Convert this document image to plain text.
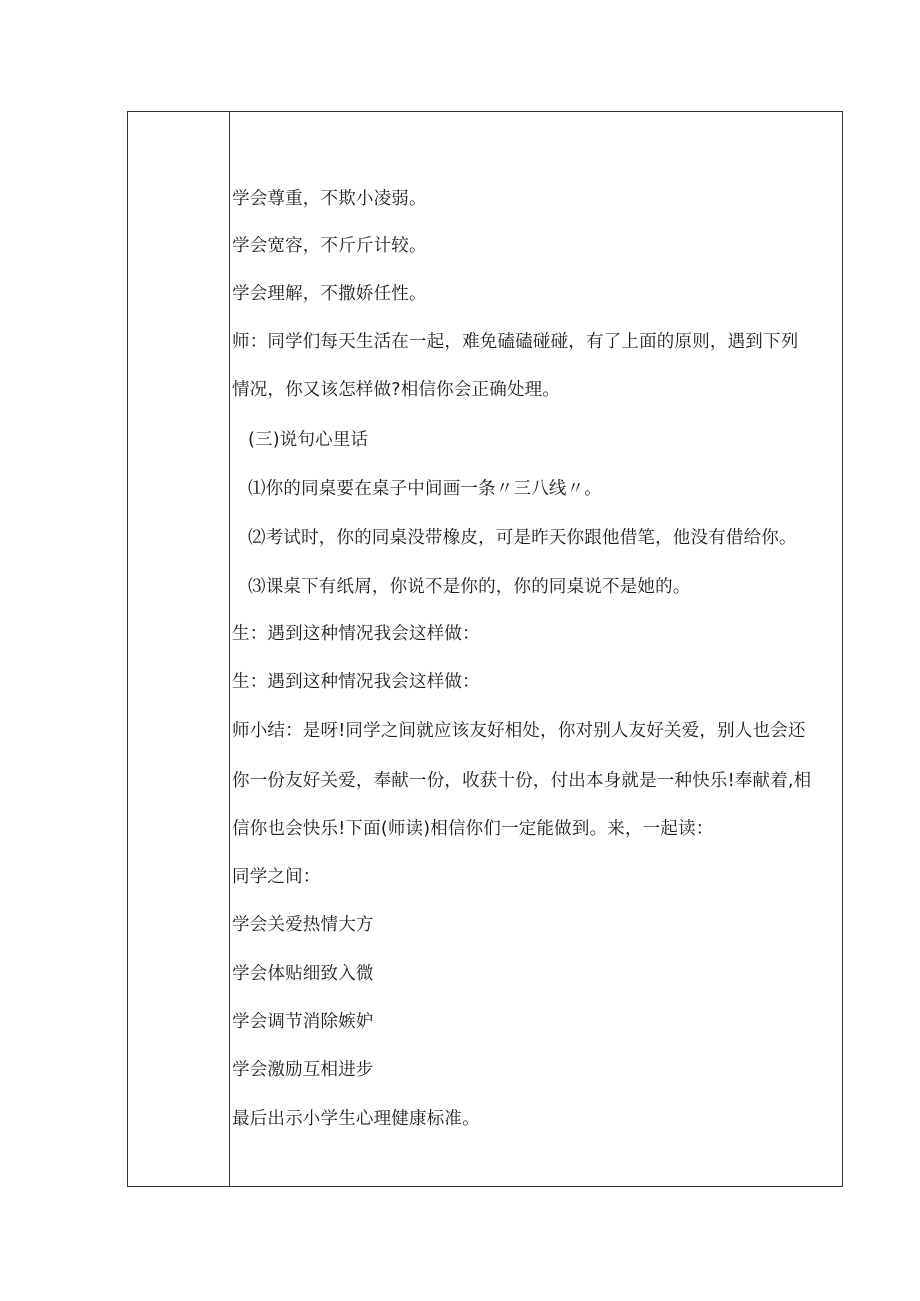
学会尊重，不欺小凌弱。
学会宽容，不斤斤计较。
学会理解，不撒娇任性。
师：同学们每天生活在一起，难免磕磕碰碰，有了上面的原则，遇到下列
情况，你又该怎样做?相信你会正确处理。
(三)说句心里话
⑴你的同桌要在桌子中间画一条〃三八线〃。
⑵考试时，你的同桌没带橡皮，可是昨天你跟他借笔，他没有借给你。
⑶课桌下有纸屑，你说不是你的，你的同桌说不是她的。
生：遇到这种情况我会这样做：
生：遇到这种情况我会这样做：
师小结：是呀!同学之间就应该友好相处，你对别人友好关爱，别人也会还
你一份友好关爱，奉献一份，收获十份，付出本身就是一种快乐!奉献着,相
信你也会快乐!下面(师读)相信你们一定能做到。来，一起读：
同学之间：
学会关爱热情大方
学会体贴细致入微
学会调节消除嫉妒
学会激励互相进步
最后出示小学生心理健康标准。
